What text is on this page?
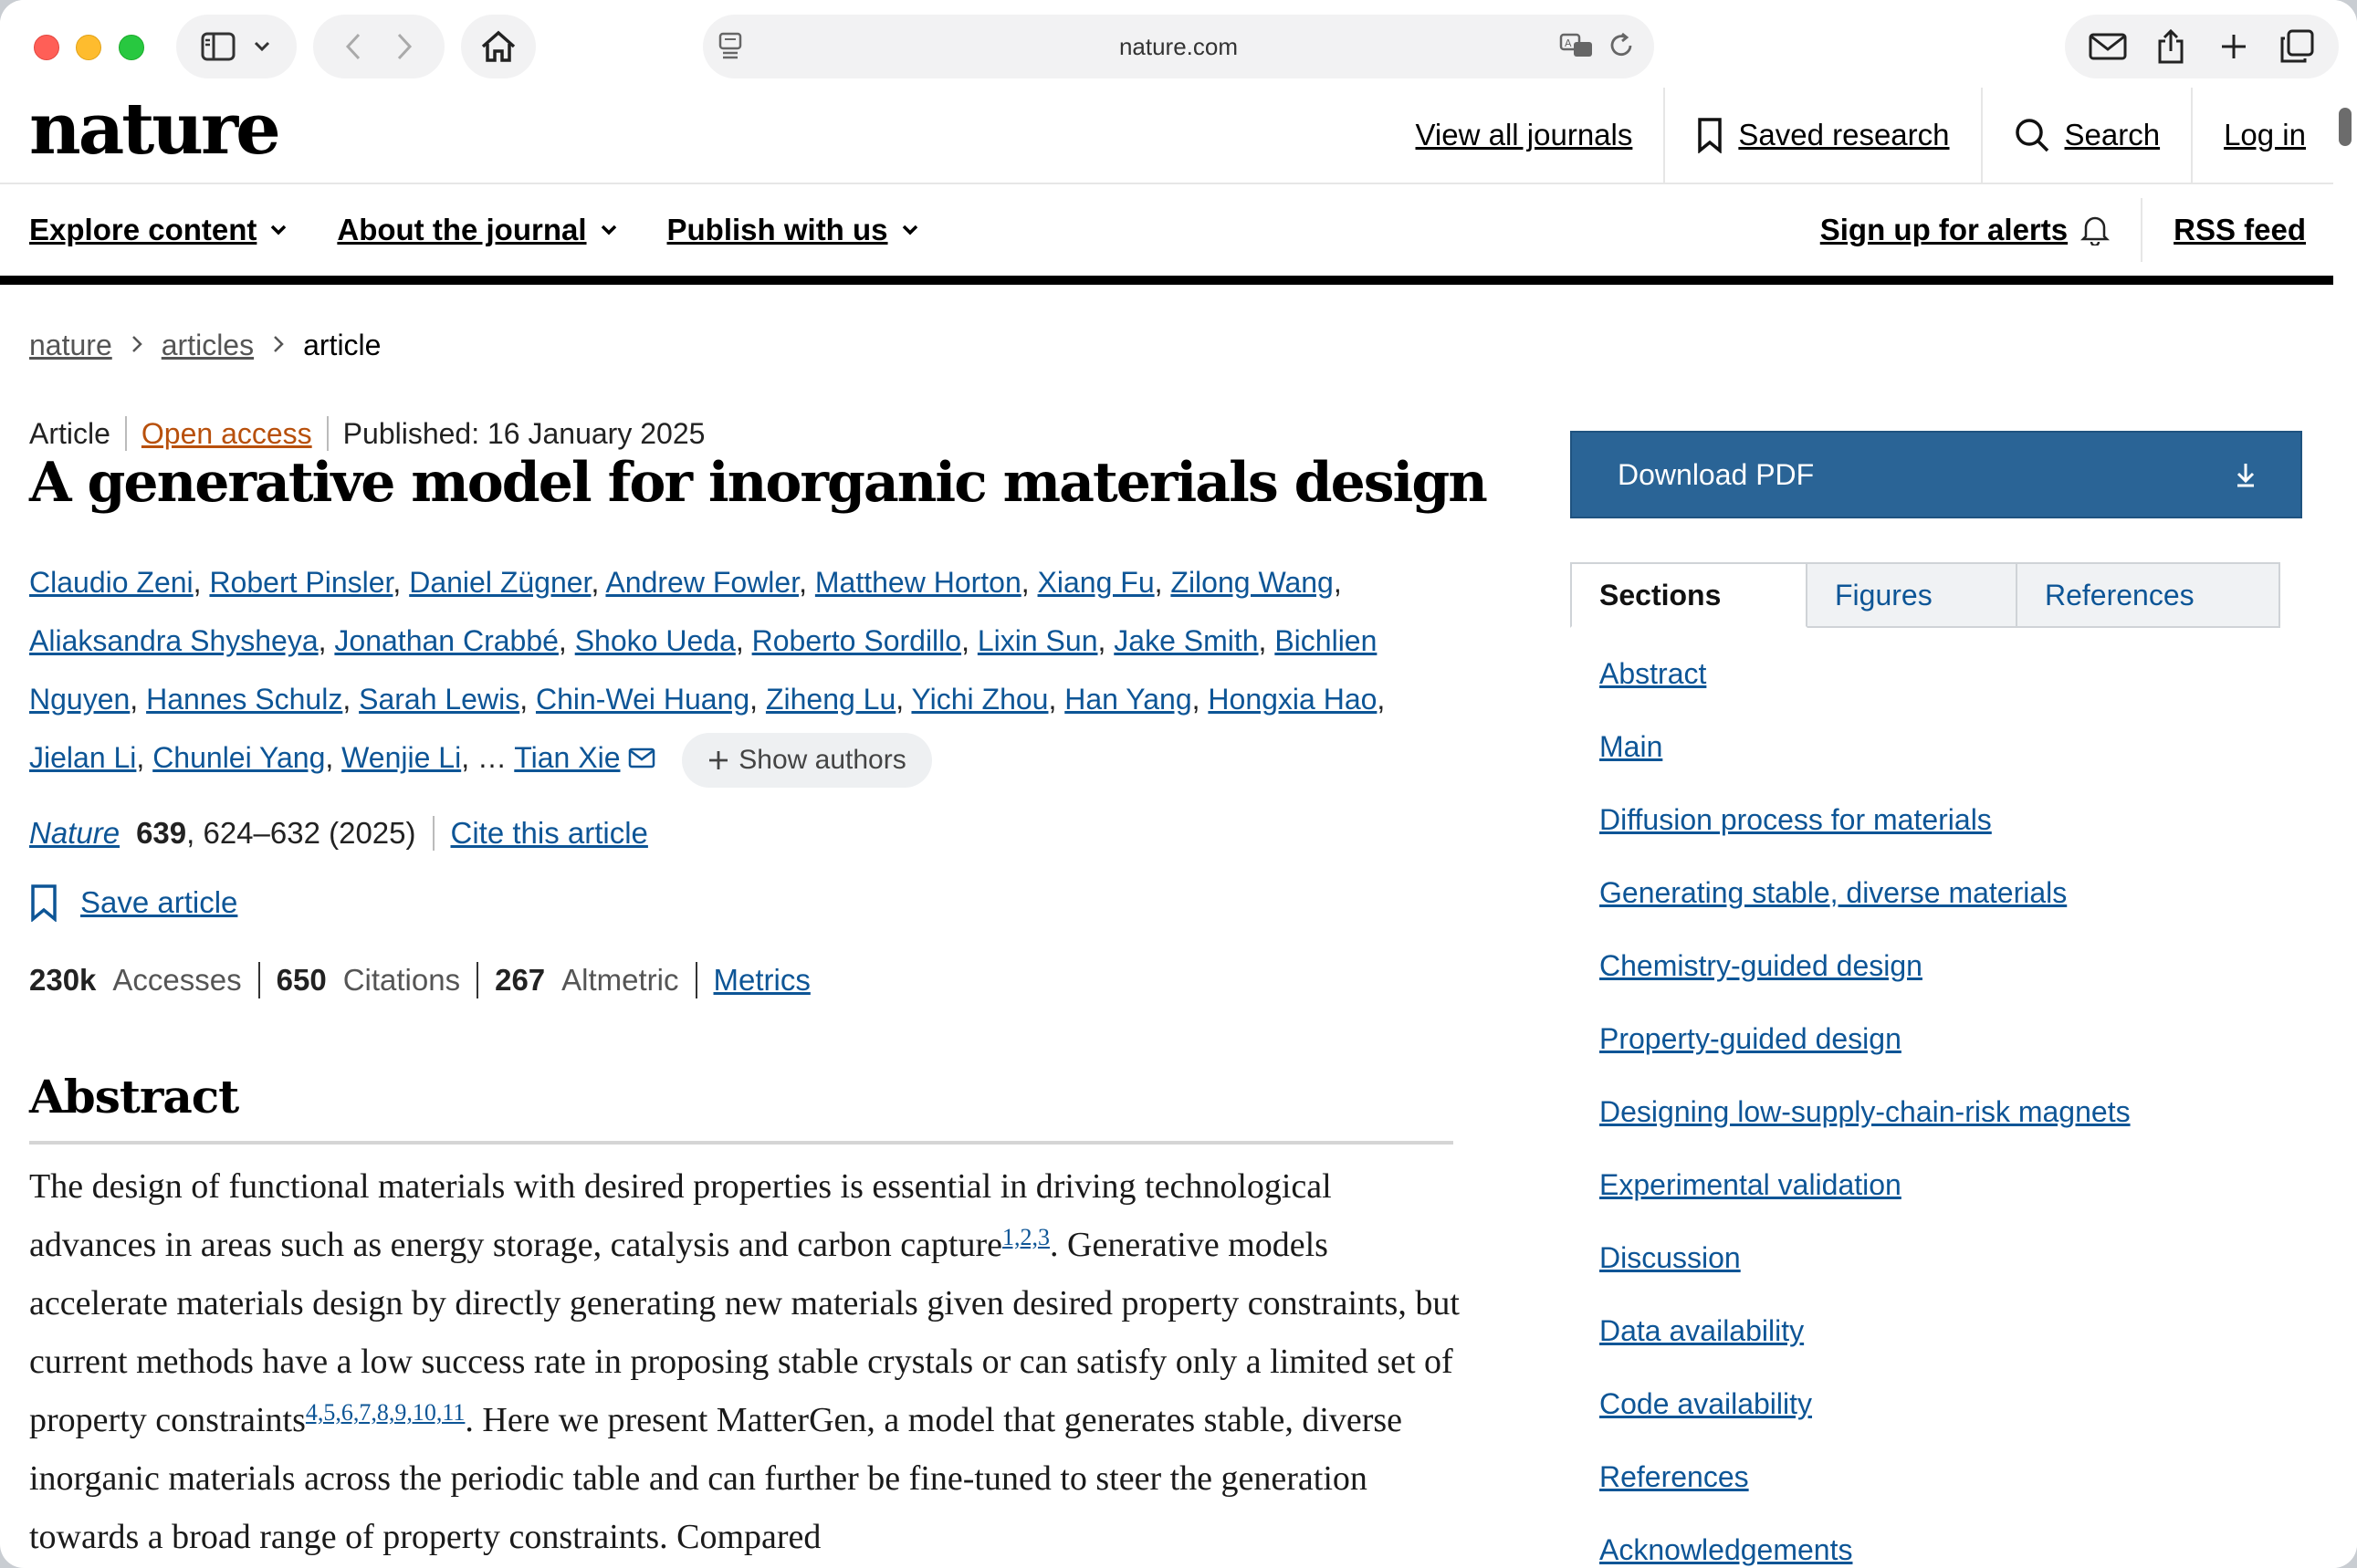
nature.com	A
nature	View all journals	Saved research	Search Log in
Explore content	About the journal	Publish with us	Sign up for alerts	RSS feed
nature articles article
Article Open access Published: 16 January 2025
A generative model for inorganic materials design
Claudio Zeni, Robert Pinsler, Daniel Zügner, Andrew Fowler, Matthew Horton, Xiang Fu, Zilong Wang, Aliaksandra Shysheya, Jonathan Crabbé, Shoko Ueda, Roberto Sordillo, Lixin Sun, Jake Smith, Bichlien Nguyen, Hannes Schulz, Sarah Lewis, Chin-Wei Huang, Ziheng Lu, Yichi Zhou, Han Yang, Hongxia Hao, Jielan Li, Chunlei Yang, Wenjie Li, … Tian Xie	Show authors
Nature 639 , 624–632 (2025) Cite this article
Save article
230k Accesses 650 Citations 267 Altmetric Metrics
Abstract

The design of functional materials with desired properties is essential in driving technological advances in areas such as energy storage, catalysis and carbon capture$^{1,2,3}$. Generative models accelerate materials design by directly generating new materials given desired property constraints, but current methods have a low success rate in proposing stable crystals or can satisfy only a limited set of property constraints$^{4,5,6,7,8,9,10,11}$. Here we present MatterGen, a model that generates stable, diverse inorganic materials across the periodic table and can further be fine-tuned to steer the generation towards a broad range of property constraints. Compared

Download PDF
Sections	Figures	References
Abstract
Main
Diffusion process for materials
Generating stable, diverse materials
Chemistry-guided design
Property-guided design
Designing low-supply-chain-risk magnets
Experimental validation
Discussion
Data availability
Code availability
References
Acknowledgements
